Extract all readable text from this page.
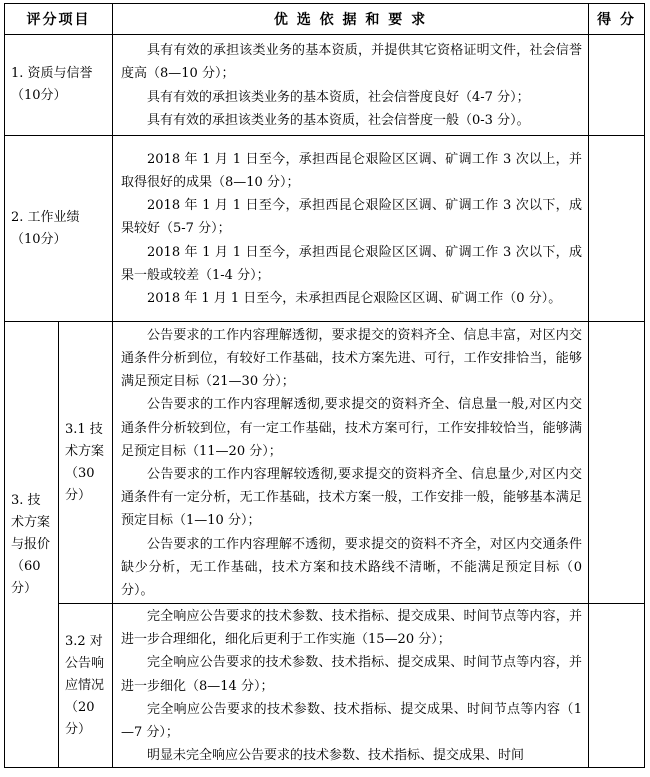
评分项目		优 选 依 据 和 要 求	得 分
1. 资质与信誉（10分）		具有有效的承担该类业务的基本资质，并提供其它资格证明文件，社会信誉度高（8—10 分）；

具有有效的承担该类业务的基本资质，社会信誉度良好（4-7 分）；

具有有效的承担该类业务的基本资质，社会信誉度一般（0-3 分）。	

2. 工作业绩（10分）		2018 年 1 月 1 日至今，承担西昆仑艰险区区调、矿调工作 3 次以上，并取得很好的成果（8—10 分）；

2018 年 1 月 1 日至今，承担西昆仑艰险区区调、矿调工作 3 次以下，成果较好（5-7 分）；

2018 年 1 月 1 日至今，承担西昆仑艰险区区调、矿调工作 3 次以下，成果一般或较差（1-4 分）；

2018 年 1 月 1 日至今，未承担西昆仑艰险区区调、矿调工作（0 分）。	

3. 技术方案与报价（60分）	3.1 技术方案（30分）	公告要求的工作内容理解透彻，要求提交的资料齐全、信息丰富，对区内交通条件分析到位，有较好工作基础，技术方案先进、可行，工作安排恰当，能够满足预定目标（21—30 分）；

公告要求的工作内容理解透彻,要求提交的资料齐全、信息量一般,对区内交通条件分析较到位，有一定工作基础，技术方案可行，工作安排较恰当，能够满足预定目标（11—20 分）；

公告要求的工作内容理解较透彻,要求提交的资料齐全、信息量少,对区内交通条件有一定分析，无工作基础，技术方案一般，工作安排一般，能够基本满足预定目标（1—10 分）；

公告要求的工作内容理解不透彻，要求提交的资料不齐全，对区内交通条件缺少分析，无工作基础，技术方案和技术路线不清晰，不能满足预定目标（0 分）。	

	3.2 对公告响应情况（20分）	完全响应公告要求的技术参数、技术指标、提交成果、时间节点等内容，并进一步合理细化，细化后更利于工作实施（15—20 分）；

完全响应公告要求的技术参数、技术指标、提交成果、时间节点等内容，并进一步细化（8—14 分）；

完全响应公告要求的技术参数、技术指标、提交成果、时间节点等内容（1—7 分）；

明显未完全响应公告要求的技术参数、技术指标、提交成果、时间	
